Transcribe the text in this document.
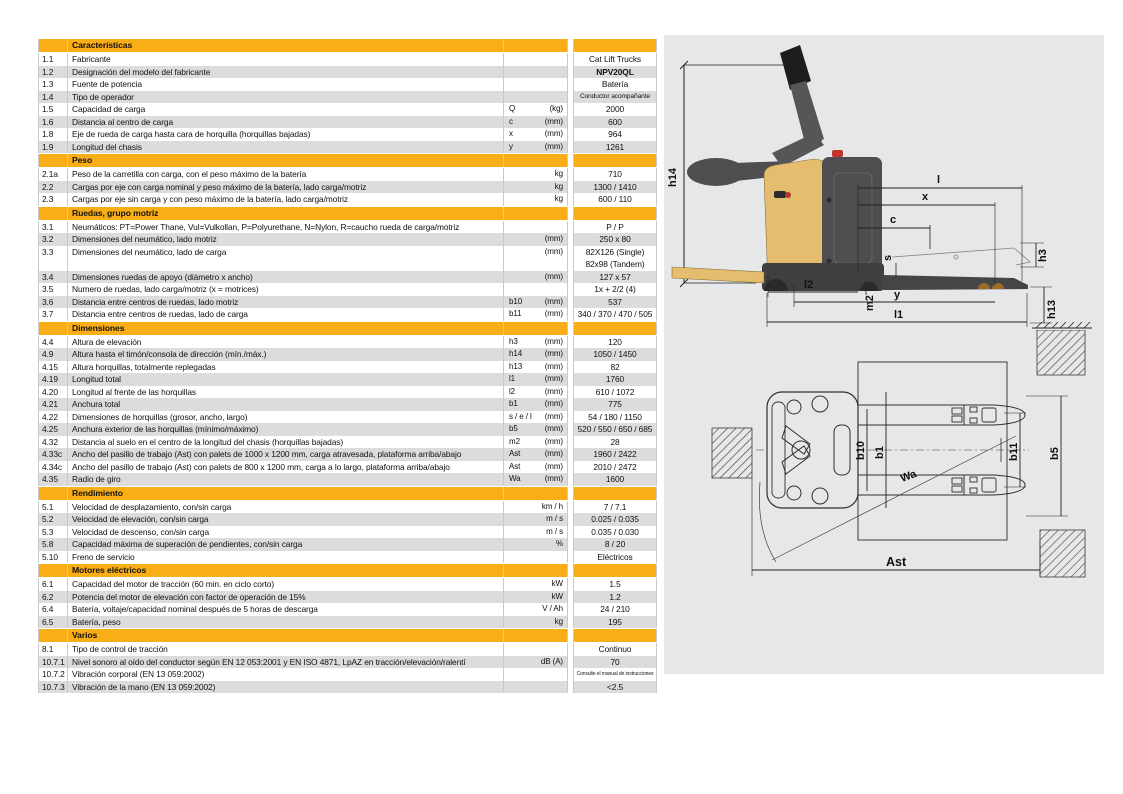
Características
1.1	Fabricante	Cat Lift Trucks
1.2	Designación del modelo del fabricante	NPV20QL
1.3	Fuente de potencia	Batería
1.4	Tipo de operador	Conductor acompañante
1.5	Capacidad de carga	Q	(kg)	2000
1.6	Distancia al centro de carga	c	(mm)	600
1.8	Eje de rueda de carga hasta cara de horquilla (horquillas bajadas)	x	(mm)	964
1.9	Longitud del chasis	y	(mm)	1261
Peso
2.1a	Peso de la carretilla con carga, con el peso máximo de la batería	kg	710
2.2	Cargas por eje con carga nominal y peso máximo de la batería, lado carga/motriz	kg	1300 / 1410
2.3	Cargas por eje sin carga y con peso máximo de la batería, lado carga/motriz	kg	600 / 110
Ruedas, grupo motriz
3.1	Neumáticos: PT=Power Thane, Vul=Vulkollan, P=Polyurethane, N=Nylon, R=caucho rueda de carga/motriz	P / P
3.2	Dimensiones del neumático, lado motriz	(mm)	250 x 80
3.3	Dimensiones del neumático, lado de carga	(mm)	82X126 (Single)
82x98 (Tandem)
3.4	Dimensiones ruedas de apoyo (diámetro x ancho)	(mm)	127 x 57
3.5	Numero de ruedas, lado carga/motriz (x = motrices)	1x + 2/2 (4)
3.6	Distancia entre centros de ruedas, lado motriz	b10	(mm)	537
3.7	Distancia entre centros de ruedas, lado de carga	b11	(mm)	340 / 370 / 470 / 505
Dimensiones
4.4	Altura de elevación	h3	(mm)	120
4.9	Altura hasta el timón/consola de dirección (mín./máx.)	h14	(mm)	1050 / 1450
4.15	Altura horquillas, totalmente replegadas	h13	(mm)	82
4.19	Longitud total	l1	(mm)	1760
4.20	Longitud al frente de las horquillas	l2	(mm)	610 / 1072
4.21	Anchura total	b1	(mm)	775
4.22	Dimensiones de horquillas (grosor, ancho, largo)	s / e / l (mm)	54 / 180 / 1150
4.25	Anchura exterior de las horquillas (mínimo/máximo)	b5	(mm)	520 / 550 / 650 / 685
4.32	Distancia al suelo en el centro de la longitud del chasis (horquillas bajadas)	m2	(mm)	28
4.33c	Ancho del pasillo de trabajo (Ast) con palets de 1000 x 1200 mm, carga atravesada, plataforma arriba/abajo	Ast	(mm)	1960 / 2422
4.34c	Ancho del pasillo de trabajo (Ast) con palets de 800 x 1200 mm, carga a lo largo, plataforma arriba/abajo	Ast	(mm)	2010 / 2472
4.35	Radio de giro	Wa	(mm)	1600
Rendimiento
5.1	Velocidad de desplazamiento, con/sin carga	km / h	7 / 7.1
5.2	Velocidad de elevación, con/sin carga	m / s	0.025 / 0.035
5.3	Velocidad de descenso, con/sin carga	m / s	0.035 / 0.030
5.8	Capacidad máxima de superación de pendientes, con/sin carga	%	8 / 20
5.10	Freno de servicio	Eléctricos
Motores eléctricos
6.1	Capacidad del motor de tracción (60 min. en ciclo corto)	kW	1.5
6.2	Potencia del motor de elevación con factor de operación de 15%	kW	1.2
6.4	Batería, voltaje/capacidad nominal después de 5 horas de descarga	V / Ah	24 / 210
6.5	Batería, peso	kg	195
Varios
8.1	Tipo de control de tracción	Continuo
10.7.1 Nivel sonoro al oído del conductor según EN 12 053:2001 y EN ISO 4871, LpAZ en tracción/elevación/ralentí	dB (A)	70
10.7.2 Vibración corporal (EN 13 059:2002)	Consulte el manual de instrucciones
10.7.3 Vibración de la mano (EN 13 059:2002)	<2.5
h14	l
x
c
s	h3
l2
m2
y
h13
l1
Wa
b10 b1	b11	b5
Ast
